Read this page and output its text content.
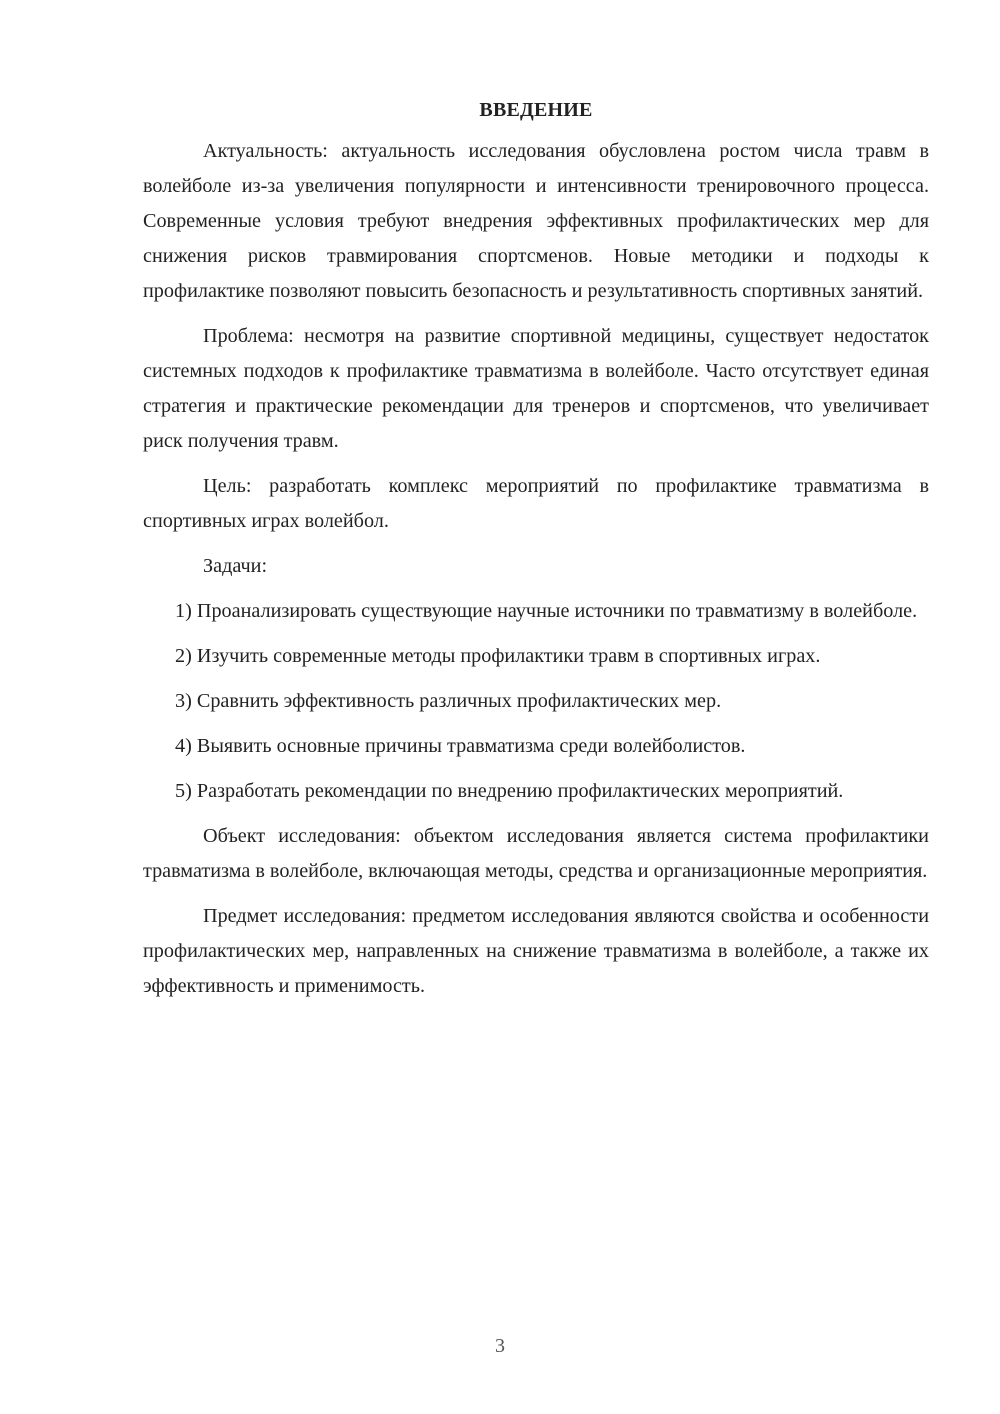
ВВЕДЕНИЕ

Актуальность: актуальность исследования обусловлена ростом числа травм в волейболе из-за увеличения популярности и интенсивности тренировочного процесса. Современные условия требуют внедрения эффективных профилактических мер для снижения рисков травмирования спортсменов. Новые методики и подходы к профилактике позволяют повысить безопасность и результативность спортивных занятий.

Проблема: несмотря на развитие спортивной медицины, существует недостаток системных подходов к профилактике травматизма в волейболе. Часто отсутствует единая стратегия и практические рекомендации для тренеров и спортсменов, что увеличивает риск получения травм.

Цель: разработать комплекс мероприятий по профилактике травматизма в спортивных играх волейбол.

Задачи:

1) Проанализировать существующие научные источники по травматизму в волейболе.

2) Изучить современные методы профилактики травм в спортивных играх.

3) Сравнить эффективность различных профилактических мер.

4) Выявить основные причины травматизма среди волейболистов.

5) Разработать рекомендации по внедрению профилактических мероприятий.

Объект исследования: объектом исследования является система профилактики травматизма в волейболе, включающая методы, средства и организационные мероприятия.

Предмет исследования: предметом исследования являются свойства и особенности профилактических мер, направленных на снижение травматизма в волейболе, а также их эффективность и применимость.

3
